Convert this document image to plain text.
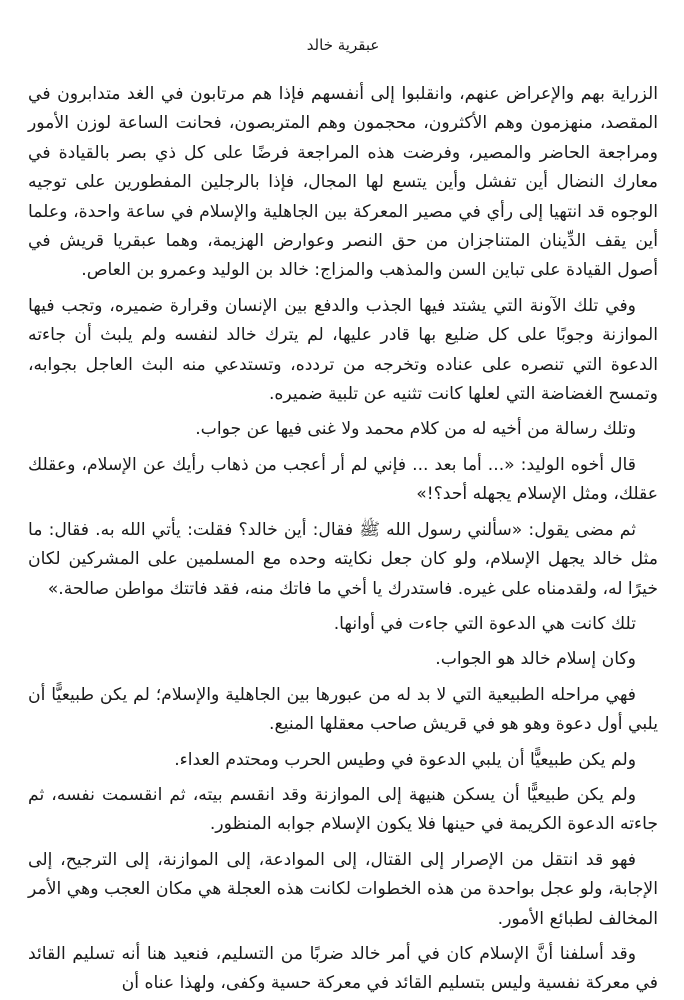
عبقرية خالد

الزراية بهم والإعراض عنهم، وانقلبوا إلى أنفسهم فإذا هم مرتابون في الغد متدابرون في المقصد، منهزمون وهم الأكثرون، محجمون وهم المتربصون، فحانت الساعة لوزن الأمور ومراجعة الحاضر والمصير، وفرضت هذه المراجعة فرضًا على كل ذي بصر بالقيادة في معارك النضال أين تفشل وأين يتسع لها المجال، فإذا بالرجلين المفطورين على توجيه الوجوه قد انتهيا إلى رأي في مصير المعركة بين الجاهلية والإسلام في ساعة واحدة، وعلما أين يقف الدِّينان المتناجزان من حق النصر وعوارض الهزيمة، وهما عبقريا قريش في أصول القيادة على تباين السن والمذهب والمزاج: خالد بن الوليد وعمرو بن العاص.

وفي تلك الآونة التي يشتد فيها الجذب والدفع بين الإنسان وقرارة ضميره، وتجب فيها الموازنة وجوبًا على كل ضليع بها قادر عليها، لم يترك خالد لنفسه ولم يلبث أن جاءته الدعوة التي تنصره على عناده وتخرجه من تردده، وتستدعي منه البث العاجل بجوابه، وتمسح الغضاضة التي لعلها كانت تثنيه عن تلبية ضميره.

وتلك رسالة من أخيه له من كلام محمد ولا غنى فيها عن جواب.

قال أخوه الوليد: «... أما بعد ... فإني لم أر أعجب من ذهاب رأيك عن الإسلام، وعقلك عقلك، ومثل الإسلام يجهله أحد؟!»

ثم مضى يقول: «سألني رسول الله ﷺ فقال: أين خالد؟ فقلت: يأتي الله به. فقال: ما مثل خالد يجهل الإسلام، ولو كان جعل نكايته وحده مع المسلمين على المشركين لكان خيرًا له، ولقدمناه على غيره. فاستدرك يا أخي ما فاتك منه، فقد فاتتك مواطن صالحة.»

تلك كانت هي الدعوة التي جاءت في أوانها.

وكان إسلام خالد هو الجواب.

فهي مراحله الطبيعية التي لا بد له من عبورها بين الجاهلية والإسلام؛ لم يكن طبيعيًّا أن يلبي أول دعوة وهو هو في قريش صاحب معقلها المنيع.

ولم يكن طبيعيًّا أن يلبي الدعوة في وطيس الحرب ومحتدم العداء.

ولم يكن طبيعيًّا أن يسكن هنيهة إلى الموازنة وقد انقسم بيته، ثم انقسمت نفسه، ثم جاءته الدعوة الكريمة في حينها فلا يكون الإسلام جوابه المنظور.

فهو قد انتقل من الإصرار إلى القتال، إلى الموادعة، إلى الموازنة، إلى الترجيح، إلى الإجابة، ولو عجل بواحدة من هذه الخطوات لكانت هذه العجلة هي مكان العجب وهي الأمر المخالف لطبائع الأمور.

وقد أسلفنا أنَّ الإسلام كان في أمر خالد ضربًا من التسليم، فنعيد هنا أنه تسليم القائد في معركة نفسية وليس بتسليم القائد في معركة حسية وكفى، ولهذا عناه أن
